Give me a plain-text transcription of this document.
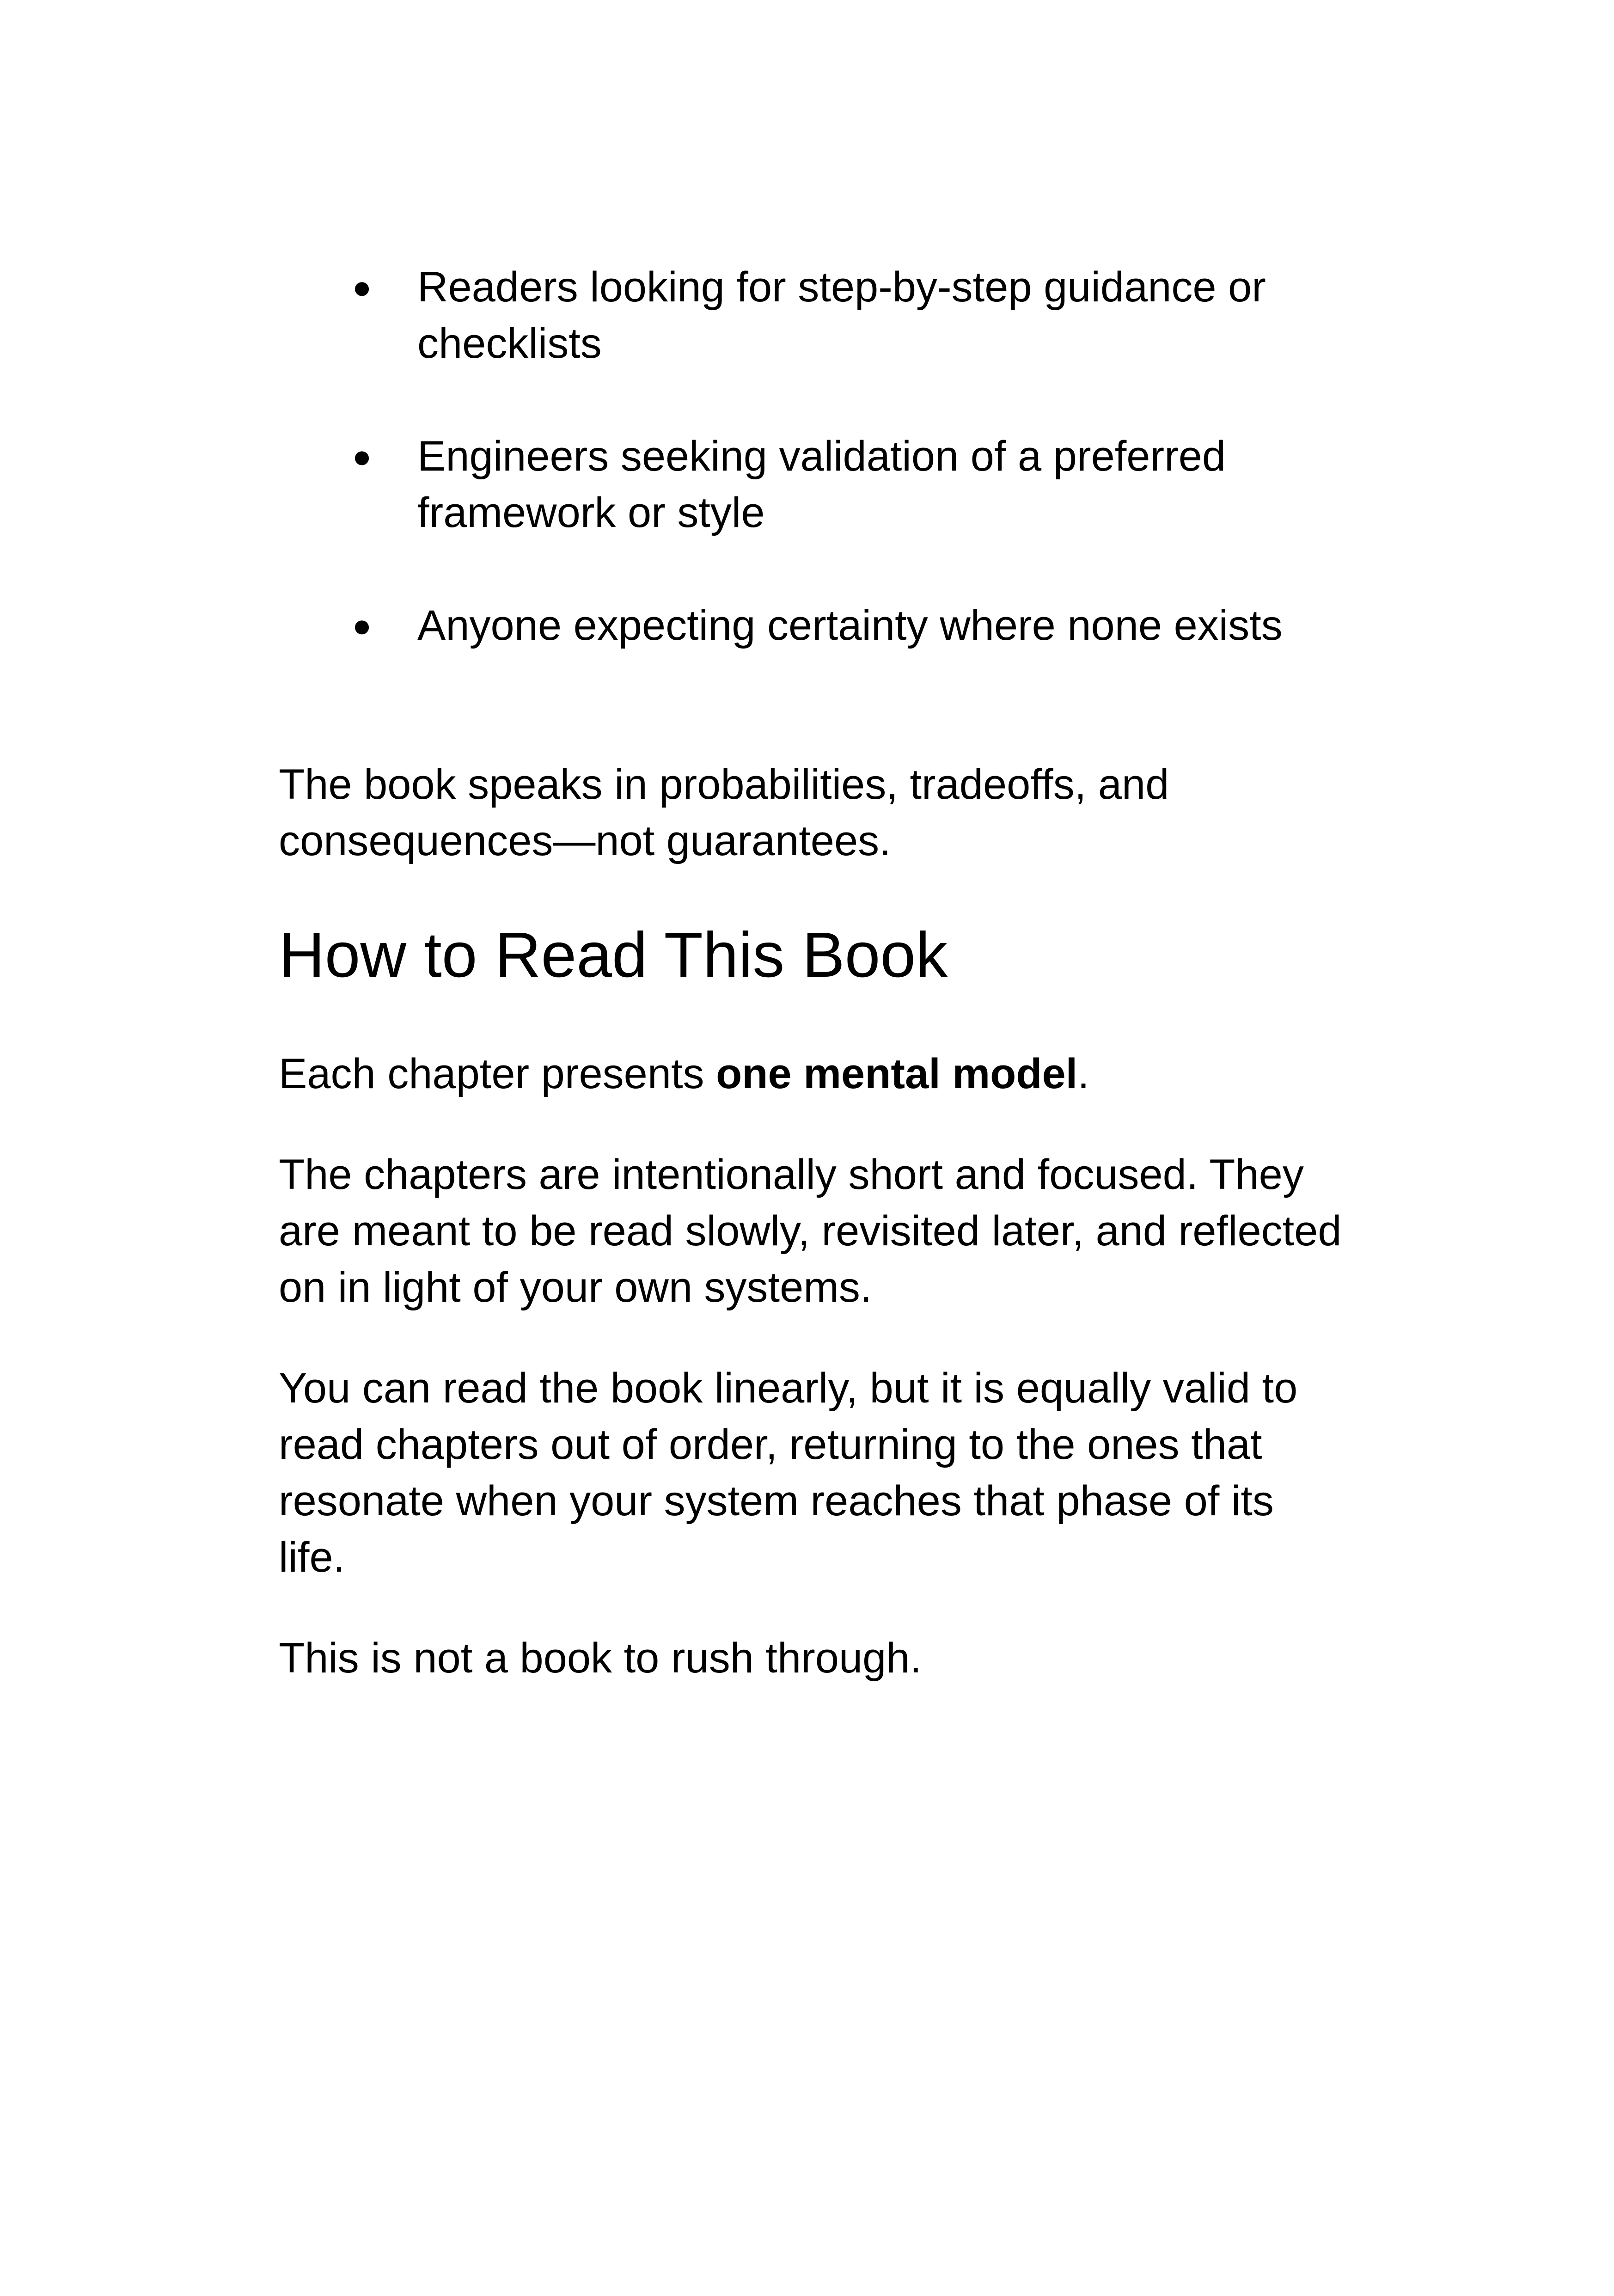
● Readers looking for step-by-step guidance or checklists
● Engineers seeking validation of a preferred framework or style
● Anyone expecting certainty where none exists

The book speaks in probabilities, tradeoffs, and consequences—not guarantees.

How to Read This Book

Each chapter presents one mental model.

The chapters are intentionally short and focused. They are meant to be read slowly, revisited later, and reflected on in light of your own systems.

You can read the book linearly, but it is equally valid to read chapters out of order, returning to the ones that resonate when your system reaches that phase of its life.

This is not a book to rush through.
